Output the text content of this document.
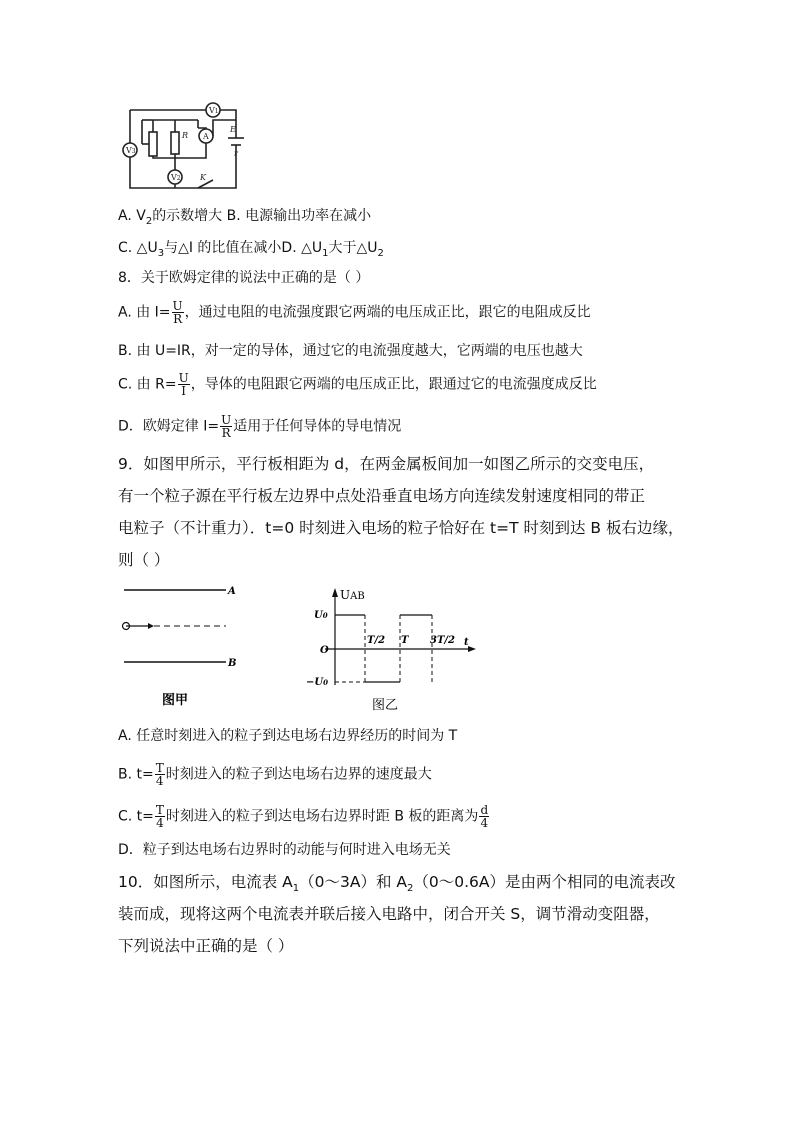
V1
V3
V2
A
R
E
r
K
A. $V_2$的示数增大 B. 电源输出功率在减小
C. $\triangle U_3$与△I 的比值在减小D. $\triangle U_1$大于$\triangle U_2$
8．关于欧姆定律的说法中正确的是（ ）
A. 由 $I= \frac{U}{R}$ ，通过电阻的电流强度跟它两端的电压成正比，跟它的电阻成反比
B. 由 U=IR，对一定的导体，通过它的电流强度越大，它两端的电压也越大
C. 由 $R= \frac{U}{I}$ ，导体的电阻跟它两端的电压成正比，跟通过它的电流强度成反比
D．欧姆定律 $I= \frac{U}{R}$ 适用于任何导体的导电情况
9．如图甲所示，平行板相距为 d，在两金属板间加一如图乙所示的交变电压，
有一个粒子源在平行板左边界中点处沿垂直电场方向连续发射速度相同的带正
电粒子（不计重力）．t=0 时刻进入电场的粒子恰好在 t=T 时刻到达 B 板右边缘，
则（ ）
A
B
图甲
UAB
U0
O
−U0
T/2 T 3T/2 t
图乙
A. 任意时刻进入的粒子到达电场右边界经历的时间为 T
B. $t= \frac{T}{4}$ 时刻进入的粒子到达电场右边界的速度最大
C. $t= \frac{T}{4}$ 时刻进入的粒子到达电场右边界时距 B 板的距离为 $\frac{d}{4}$
D．粒子到达电场右边界时的动能与何时进入电场无关
10．如图所示，电流表 $A_1(0\sim 3A)$和 $A_2(0\sim 0.6A)$是由两个相同的电流表改
装而成，现将这两个电流表并联后接入电路中，闭合开关 S，调节滑动变阻器，
下列说法中正确的是（ ）
